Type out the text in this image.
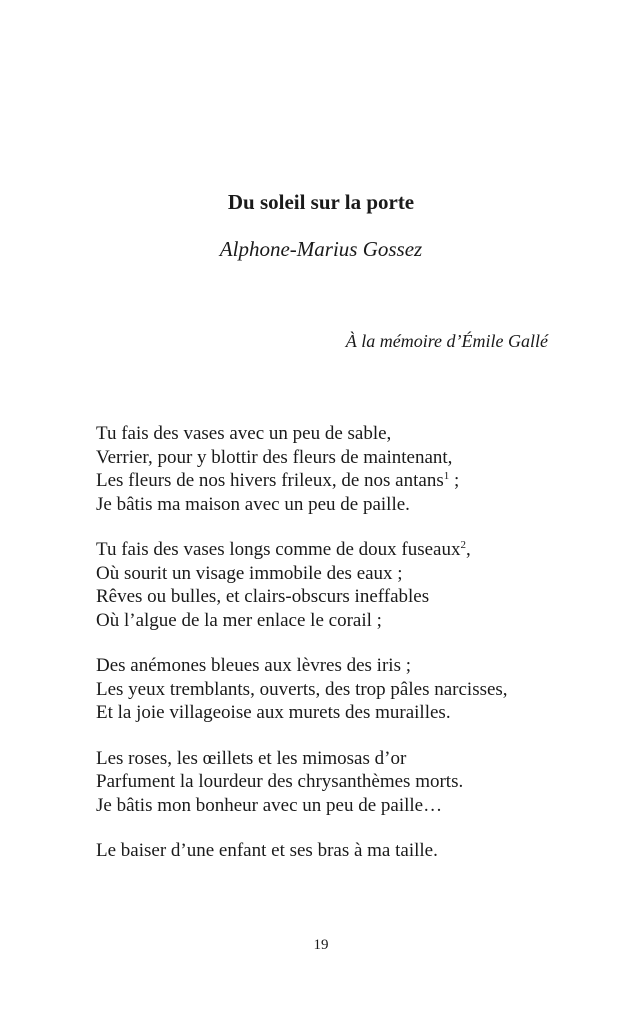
Du soleil sur la porte
Alphone-Marius Gossez
À la mémoire d’Émile Gallé
Tu fais des vases avec un peu de sable,
Verrier, pour y blottir des fleurs de maintenant,
Les fleurs de nos hivers frileux, de nos antans$^1$ ;
Je bâtis ma maison avec un peu de paille.
Tu fais des vases longs comme de doux fuseaux$^2$,
Où sourit un visage immobile des eaux ;
Rêves ou bulles, et clairs-obscurs ineffables
Où l’algue de la mer enlace le corail ;
Des anémones bleues aux lèvres des iris ;
Les yeux tremblants, ouverts, des trop pâles narcisses,
Et la joie villageoise aux murets des murailles.
Les roses, les œillets et les mimosas d’or
Parfument la lourdeur des chrysanthèmes morts.
Je bâtis mon bonheur avec un peu de paille…
Le baiser d’une enfant et ses bras à ma taille.
19
